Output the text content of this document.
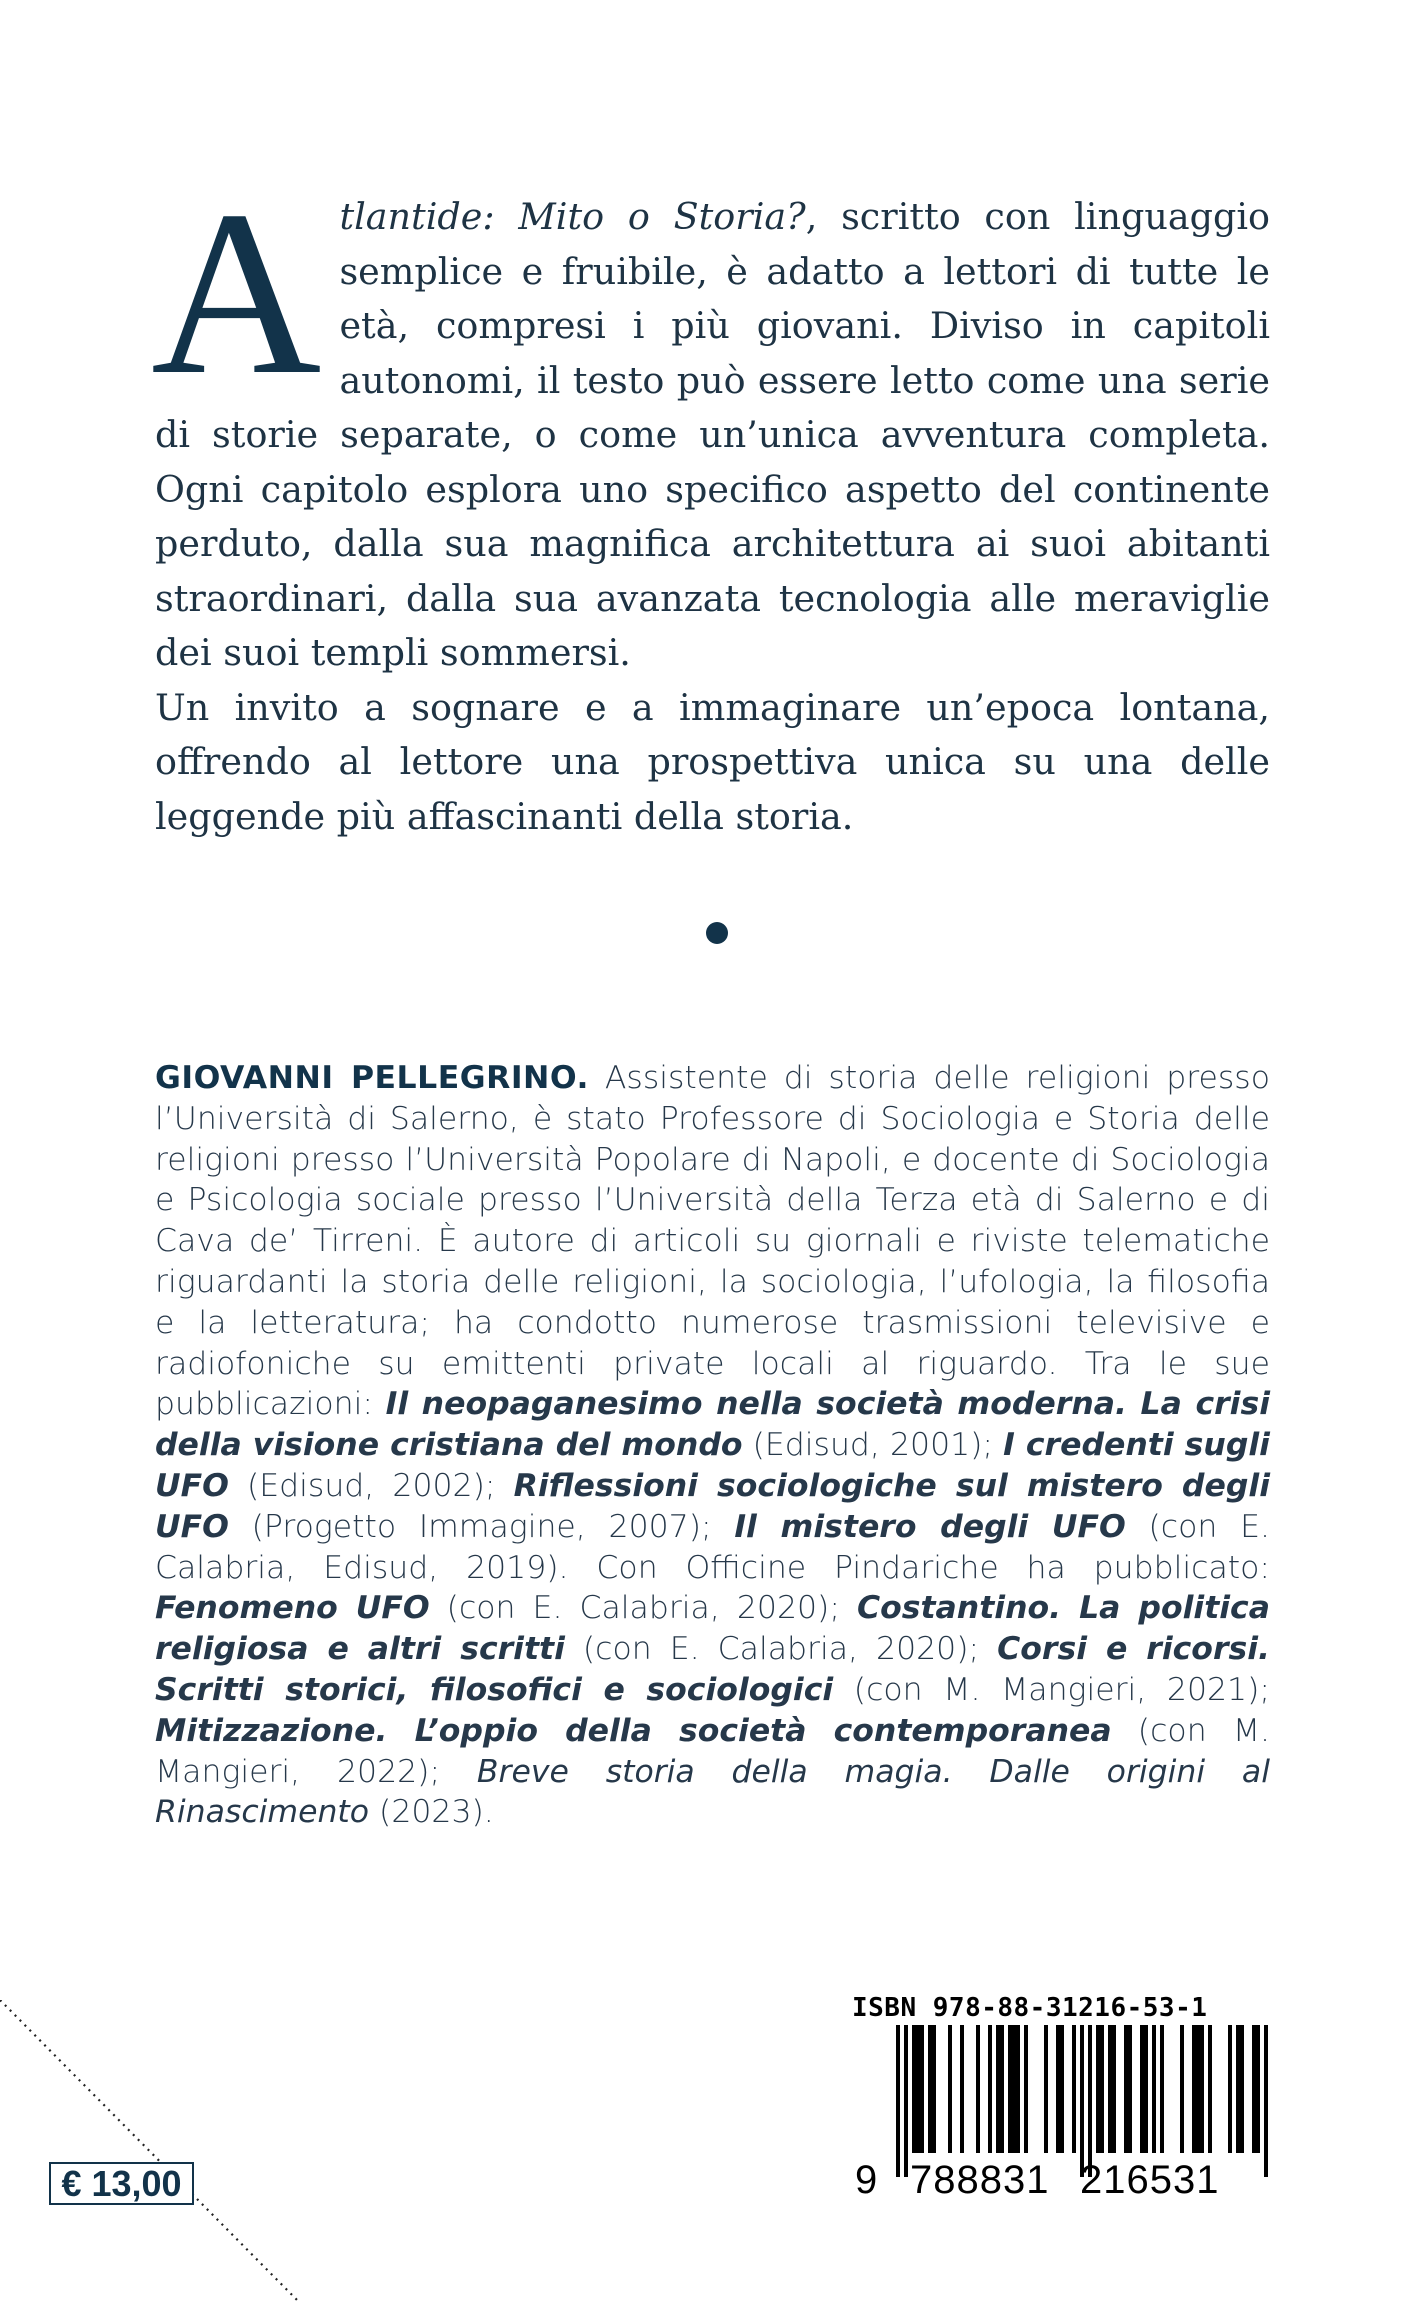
Atlantide: Mito o Storia?, scritto con linguaggio semplice e fruibile, è adatto a lettori di tutte le età, compresi i più giovani. Diviso in capitoli autonomi, il testo può essere letto come una serie di storie separate, o come un’unica avventura completa. Ogni capitolo esplora uno specifico aspetto del continente perduto, dalla sua magnifica architettura ai suoi abitanti straordinari, dalla sua avanzata tecnologia alle meraviglie dei suoi templi sommersi.

Un invito a sognare e a immaginare un’epoca lontana, offrendo al lettore una prospettiva unica su una delle leggende più affascinanti della storia.

GIOVANNI PELLEGRINO. Assistente di storia delle religioni presso l’Università di Salerno, è stato Professore di Sociologia e Storia delle religioni presso l’Università Popolare di Napoli, e docente di Sociologia e Psicologia sociale presso l’Università della Terza età di Salerno e di Cava de’ Tirreni. È autore di articoli su giornali e riviste telematiche riguardanti la storia delle religioni, la sociologia, l’ufologia, la filosofia e la letteratura; ha condotto numerose trasmissioni televisive e radiofoniche su emittenti private locali al riguardo. Tra le sue pubblicazioni: Il neopaganesimo nella società moderna. La crisi della visione cristiana del mondo (Edisud, 2001); I credenti sugli UFO (Edisud, 2002); Riflessioni sociologiche sul mistero degli UFO (Progetto Immagine, 2007); Il mistero degli UFO (con E. Calabria, Edisud, 2019). Con Officine Pindariche ha pubblicato: Fenomeno UFO (con E. Calabria, 2020); Costantino. La politica religiosa e altri scritti (con E. Calabria, 2020); Corsi e ricorsi. Scritti storici, filosofici e sociologici (con M. Mangieri, 2021); Mitizzazione. L’oppio della società contemporanea (con M. Mangieri, 2022); Breve storia della magia. Dalle origini al Rinascimento (2023).
€ 13,00
ISBN 978-88-31216-53-1
9 788831 216531
